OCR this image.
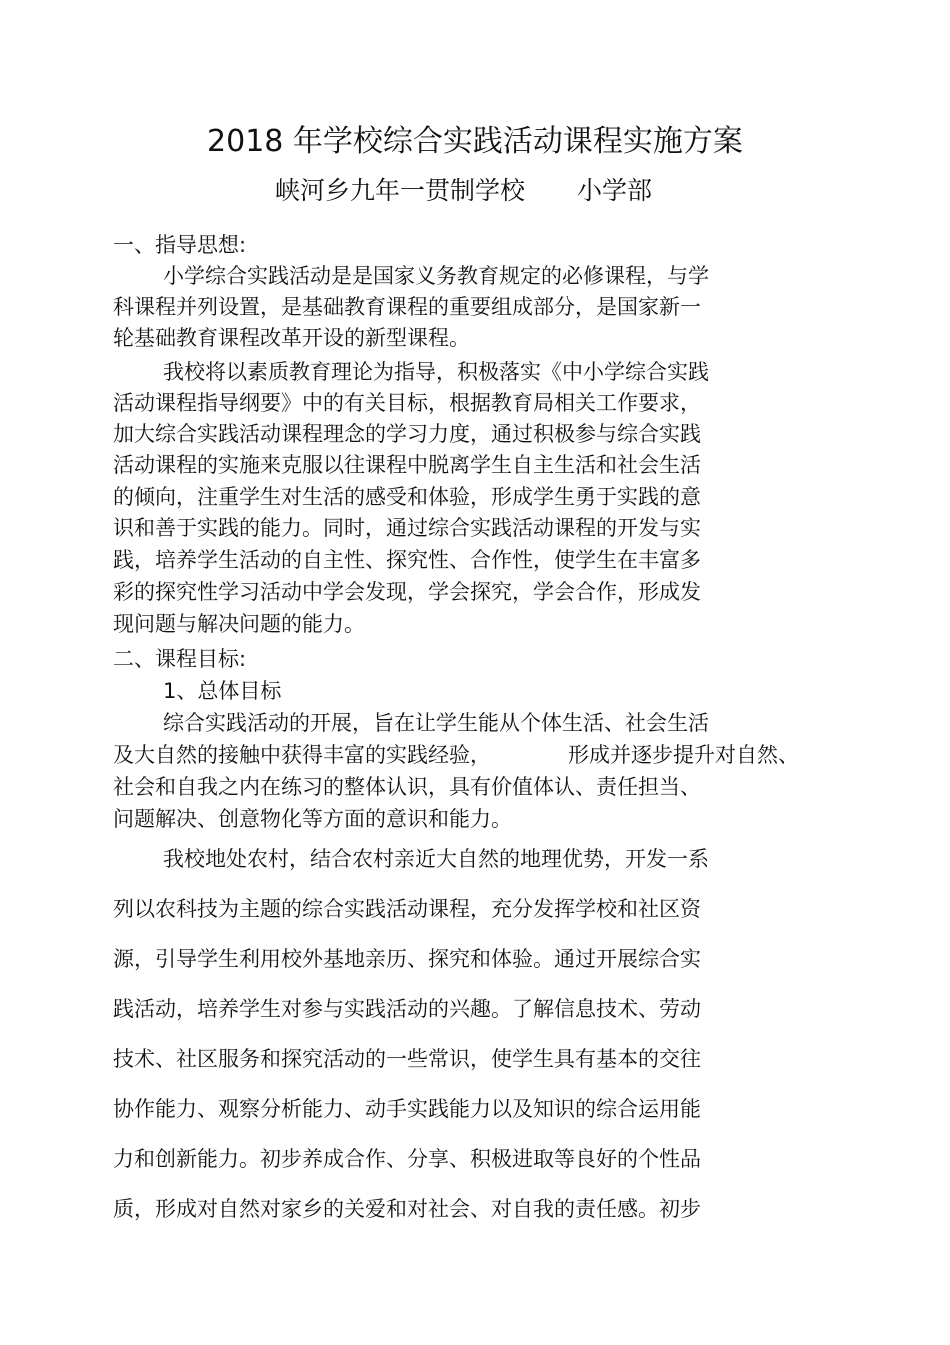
2018 年学校综合实践活动课程实施方案
峡河乡九年一贯制学校 小学部
一、指导思想:
小学综合实践活动是是国家义务教育规定的必修课程，与学
科课程并列设置，是基础教育课程的重要组成部分，是国家新一
轮基础教育课程改革开设的新型课程。
我校将以素质教育理论为指导，积极落实《中小学综合实践
活动课程指导纲要》中的有关目标，根据教育局相关工作要求，
加大综合实践活动课程理念的学习力度，通过积极参与综合实践
活动课程的实施来克服以往课程中脱离学生自主生活和社会生活
的倾向，注重学生对生活的感受和体验，形成学生勇于实践的意
识和善于实践的能力。同时，通过综合实践活动课程的开发与实
践，培养学生活动的自主性、探究性、合作性，使学生在丰富多
彩的探究性学习活动中学会发现，学会探究，学会合作，形成发
现问题与解决问题的能力。
二、课程目标:
1、总体目标
综合实践活动的开展，旨在让学生能从个体生活、社会生活
及大自然的接触中获得丰富的实践经验，	形成并逐步提升对自然、
社会和自我之内在练习的整体认识，具有价值体认、责任担当、
问题解决、创意物化等方面的意识和能力。
我校地处农村，结合农村亲近大自然的地理优势，开发一系
列以农科技为主题的综合实践活动课程，充分发挥学校和社区资
源，引导学生利用校外基地亲历、探究和体验。通过开展综合实
践活动，培养学生对参与实践活动的兴趣。了解信息技术、劳动
技术、社区服务和探究活动的一些常识，使学生具有基本的交往
协作能力、观察分析能力、动手实践能力以及知识的综合运用能
力和创新能力。初步养成合作、分享、积极进取等良好的个性品
质，形成对自然对家乡的关爱和对社会、对自我的责任感。初步
